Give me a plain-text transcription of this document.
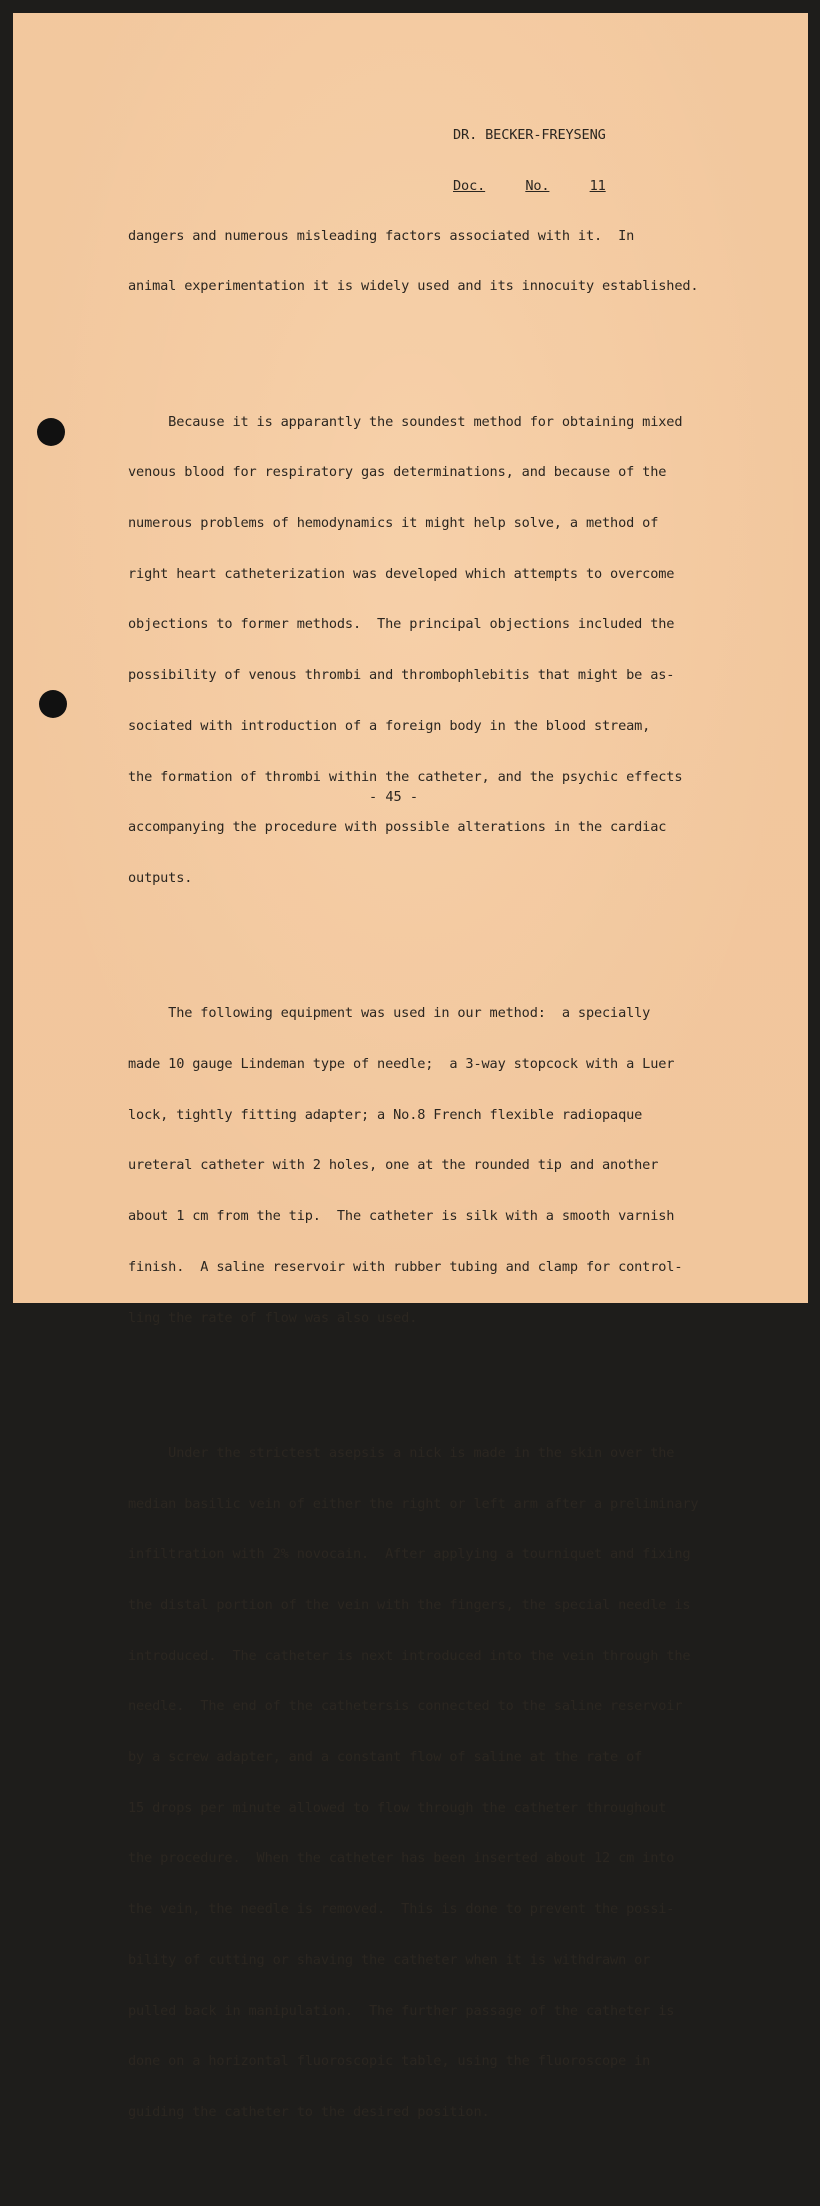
DR. BECKER-FREYSENG

Doc.	No.	11

dangers and numerous misleading factors associated with it.  In

animal experimentation it is widely used and its innocuity established.

Because it is apparantly the soundest method for obtaining mixed

venous blood for respiratory gas determinations, and because of the

numerous problems of hemodynamics it might help solve, a method of

right heart catheterization was developed which attempts to overcome

objections to former methods.  The principal objections included the

possibility of venous thrombi and thrombophlebitis that might be as-

sociated with introduction of a foreign body in the blood stream,

the formation of thrombi within the catheter, and the psychic effects

accompanying the procedure with possible alterations in the cardiac

outputs.

The following equipment was used in our method:  a specially

made 10 gauge Lindeman type of needle;  a 3-way stopcock with a Luer

lock, tightly fitting adapter; a No.8 French flexible radiopaque

ureteral catheter with 2 holes, one at the rounded tip and another

about 1 cm from the tip.  The catheter is silk with a smooth varnish

finish.  A saline reservoir with rubber tubing and clamp for control-

ling the rate of flow was also used.

Under the strictest asepsis a nick is made in the skin over the

median basilic vein of either the right or left arm after a preliminary

infiltration with 2% novocain.  After applying a tourniquet and fixing

the distal portion of the vein with the fingers, the special needle is

introduced.  The catheter is next introduced into the vein through the

needle.  The end of the cathetersis connected to the saline reservoir

by a screw adapter, and a constant flow of saline at the rate of

15 drops per minute allowed to flow through the catheter throughout

the procedure.  When the catheter has been inserted about 12 cm into

the vein, the needle is removed.  This is done to prevent the possi-

bility of cutting or shaving the catheter when it is withdrawn or

pulled back in manipulation.  The further passage of the catheter is

done on a horizontal fluoroscopic table, using the fluoroscope in

guiding the catheter to the desired position.

- 45 -
